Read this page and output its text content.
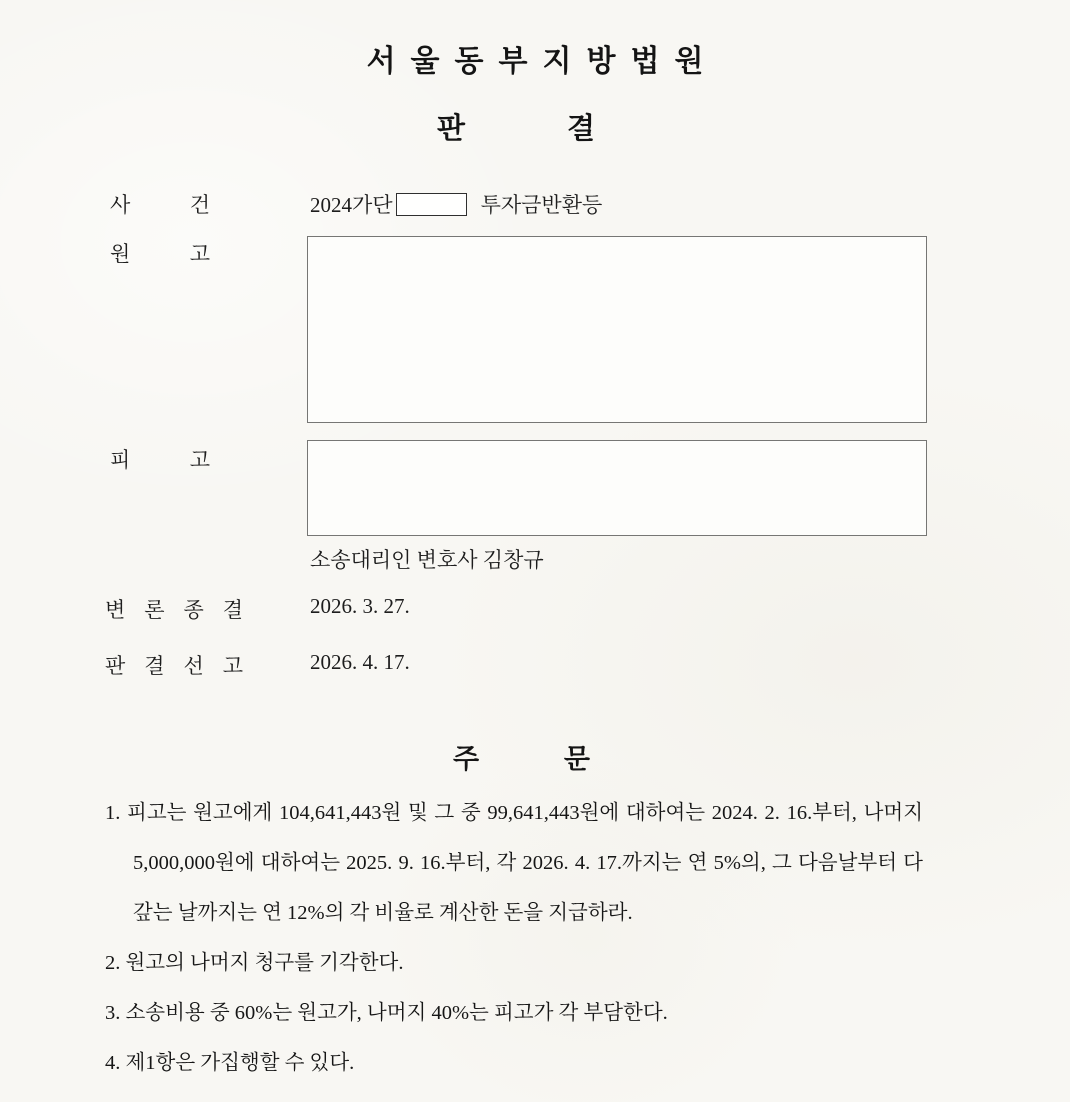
서울동부지방법원
판	결
사	건	2024가단	투자금반환등
원	고
피	고
소송대리인 변호사 김창규
변 론 종 결	2026. 3. 27.
판 결 선 고	2026. 4. 17.
주	문
1. 피고는 원고에게 104,641,443원 및 그 중 99,641,443원에 대하여는 2024. 2. 16.부터, 나머지 5,000,000원에 대하여는 2025. 9. 16.부터, 각 2026. 4. 17.까지는 연 5%의, 그 다음날부터 다 갚는 날까지는 연 12%의 각 비율로 계산한 돈을 지급하라.
2. 원고의 나머지 청구를 기각한다.
3. 소송비용 중 60%는 원고가, 나머지 40%는 피고가 각 부담한다.
4. 제1항은 가집행할 수 있다.
